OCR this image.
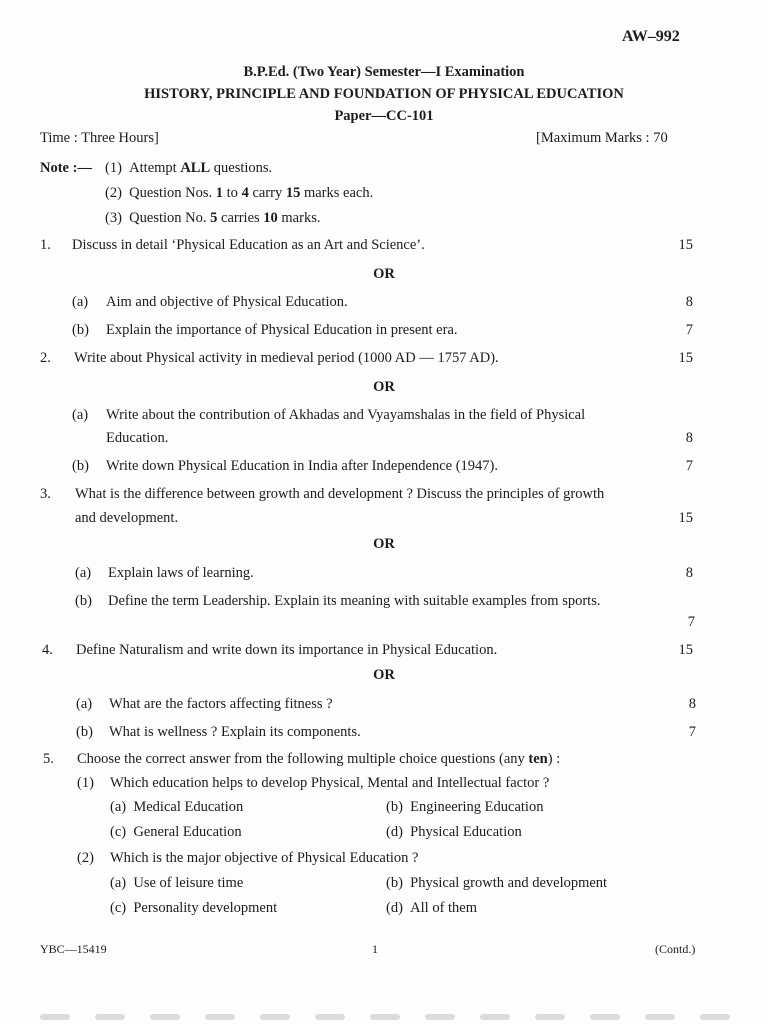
AW–992
B.P.Ed. (Two Year) Semester—I Examination
HISTORY, PRINCIPLE AND FOUNDATION OF PHYSICAL EDUCATION
Paper—CC-101
Time : Three Hours]	[Maximum Marks : 70
Note :— (1) Attempt ALL questions.
(2) Question Nos. 1 to 4 carry 15 marks each.
(3) Question No. 5 carries 10 marks.
1. Discuss in detail ‘Physical Education as an Art and Science’.	15
OR
(a) Aim and objective of Physical Education.	8
(b) Explain the importance of Physical Education in present era.	7
2. Write about Physical activity in medieval period (1000 AD — 1757 AD).	15
OR
(a) Write about the contribution of Akhadas and Vyayamshalas in the field of Physical
Education.	8
(b) Write down Physical Education in India after Independence (1947).	7
3. What is the difference between growth and development ? Discuss the principles of growth
and development.	15
OR
(a) Explain laws of learning.	8
(b) Define the term Leadership. Explain its meaning with suitable examples from sports.
7
4. Define Naturalism and write down its importance in Physical Education.	15
OR
(a) What are the factors affecting fitness ?	8
(b) What is wellness ? Explain its components.	7
5. Choose the correct answer from the following multiple choice questions (any ten) :
(1) Which education helps to develop Physical, Mental and Intellectual factor ?
(a) Medical Education	(b) Engineering Education
(c) General Education	(d) Physical Education
(2) Which is the major objective of Physical Education ?
(a) Use of leisure time	(b) Physical growth and development
(c) Personality development	(d) All of them
YBC—15419	1	(Contd.)
